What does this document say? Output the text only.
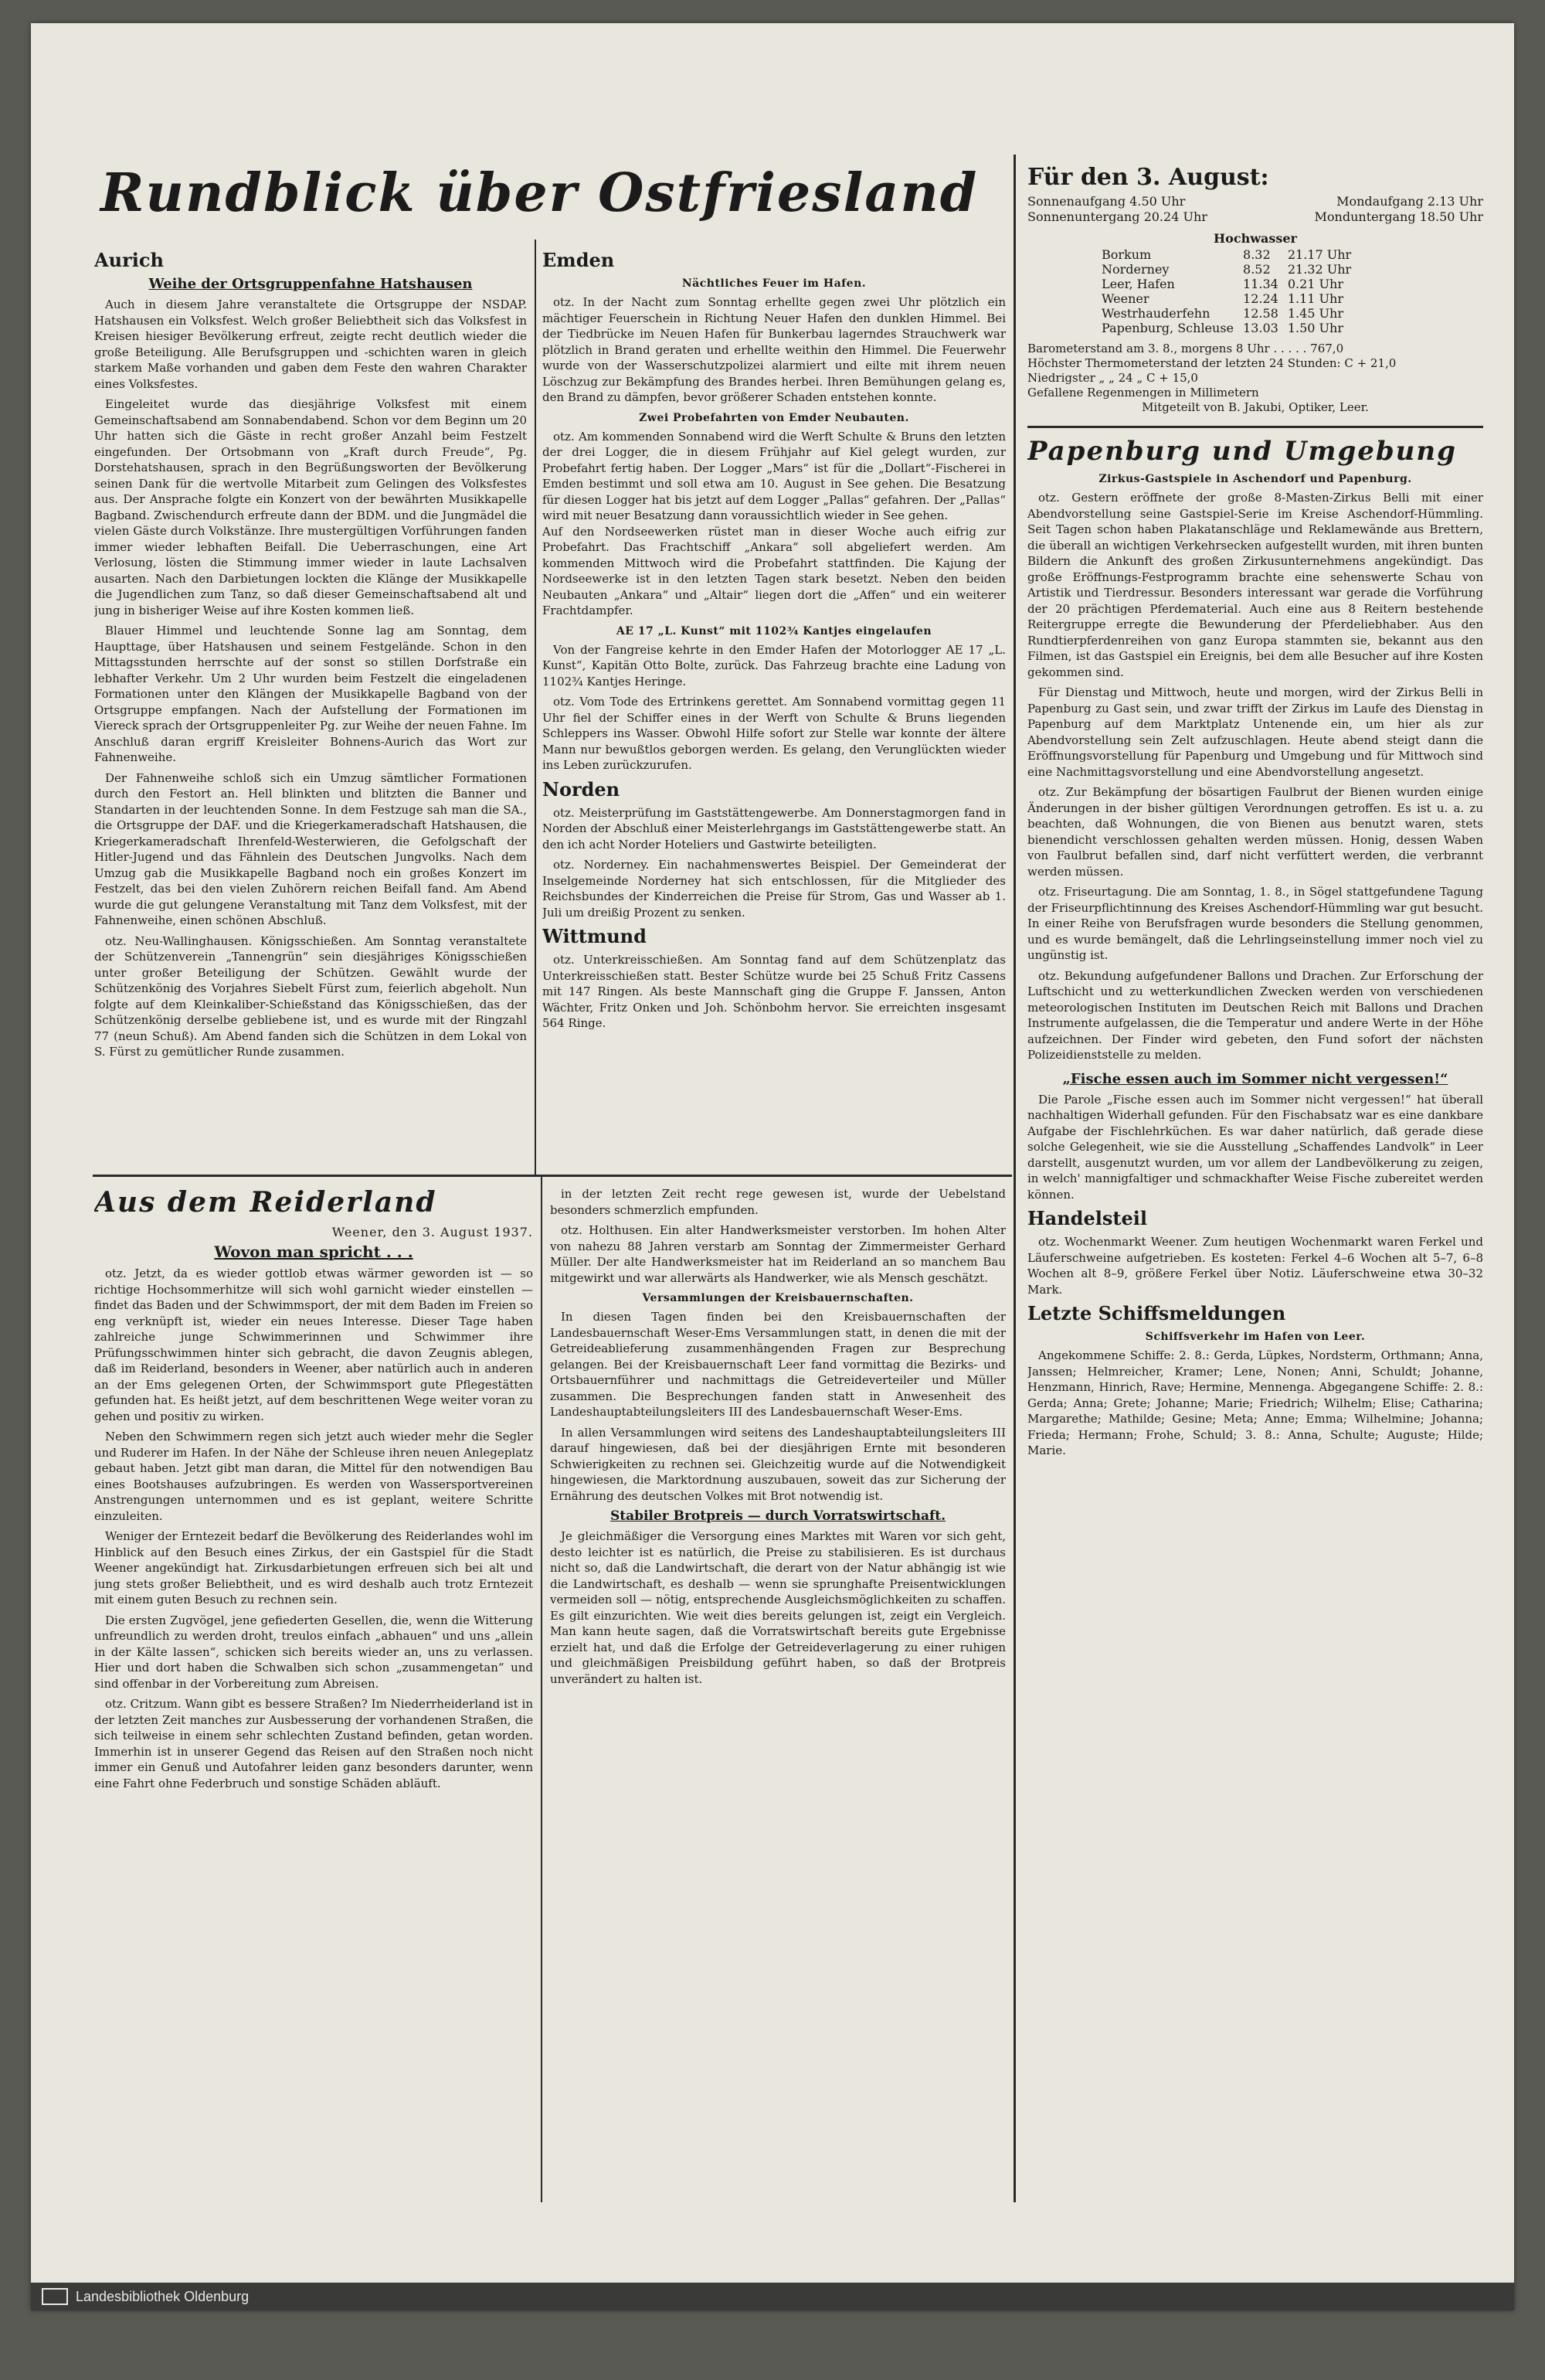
Rundblick über Ostfriesland
Aurich
Weihe der Ortsgruppenfahne Hatshausen

Auch in diesem Jahre veranstaltete die Ortsgruppe der NSDAP. Hatshausen ein Volksfest. Welch großer Beliebtheit sich das Volksfest in Kreisen hiesiger Bevölkerung erfreut, zeigte recht deutlich wieder die große Beteiligung. Alle Berufsgruppen und -schichten waren in gleich starkem Maße vorhanden und gaben dem Feste den wahren Charakter eines Volksfestes.

Eingeleitet wurde das diesjährige Volksfest mit einem Gemeinschaftsabend am Sonnabendabend. Schon vor dem Beginn um 20 Uhr hatten sich die Gäste in recht großer Anzahl beim Festzelt eingefunden. Der Ortsobmann von „Kraft durch Freude“, Pg. Dorstehatshausen, sprach in den Begrüßungsworten der Bevölkerung seinen Dank für die wertvolle Mitarbeit zum Gelingen des Volksfestes aus. Der Ansprache folgte ein Konzert von der bewährten Musikkapelle Bagband. Zwischendurch erfreute dann der BDM. und die Jungmädel die vielen Gäste durch Volkstänze. Ihre mustergültigen Vorführungen fanden immer wieder lebhaften Beifall. Die Ueberraschungen, eine Art Verlosung, lösten die Stimmung immer wieder in laute Lachsalven ausarten. Nach den Darbietungen lockten die Klänge der Musikkapelle die Jugendlichen zum Tanz, so daß dieser Gemeinschaftsabend alt und jung in bisheriger Weise auf ihre Kosten kommen ließ.

Blauer Himmel und leuchtende Sonne lag am Sonntag, dem Haupttage, über Hatshausen und seinem Festgelände. Schon in den Mittagsstunden herrschte auf der sonst so stillen Dorfstraße ein lebhafter Verkehr. Um 2 Uhr wurden beim Festzelt die eingeladenen Formationen unter den Klängen der Musikkapelle Bagband von der Ortsgruppe empfangen. Nach der Aufstellung der Formationen im Viereck sprach der Ortsgruppenleiter Pg. zur Weihe der neuen Fahne. Im Anschluß daran ergriff Kreisleiter Bohnens-Aurich das Wort zur Fahnenweihe.

Der Fahnenweihe schloß sich ein Umzug sämtlicher Formationen durch den Festort an. Hell blinkten und blitzten die Banner und Standarten in der leuchtenden Sonne. In dem Festzuge sah man die SA., die Ortsgruppe der DAF. und die Kriegerkameradschaft Hatshausen, die Kriegerkameradschaft Ihrenfeld-Westerwieren, die Gefolgschaft der Hitler-Jugend und das Fähnlein des Deutschen Jungvolks. Nach dem Umzug gab die Musikkapelle Bagband noch ein großes Konzert im Festzelt, das bei den vielen Zuhörern reichen Beifall fand. Am Abend wurde die gut gelungene Veranstaltung mit Tanz dem Volksfest, mit der Fahnenweihe, einen schönen Abschluß.

otz. Neu-Wallinghausen. Königsschießen. Am Sonntag veranstaltete der Schützenverein „Tannengrün“ sein diesjähriges Königsschießen unter großer Beteiligung der Schützen. Gewählt wurde der Schützenkönig des Vorjahres Siebelt Fürst zum, feierlich abgeholt. Nun folgte auf dem Kleinkaliber-Schießstand das Königsschießen, das der Schützenkönig derselbe gebliebene ist, und es wurde mit der Ringzahl 77 (neun Schuß). Am Abend fanden sich die Schützen in dem Lokal von S. Fürst zu gemütlicher Runde zusammen.

Emden
Nächtliches Feuer im Hafen.

otz. In der Nacht zum Sonntag erhellte gegen zwei Uhr plötzlich ein mächtiger Feuerschein in Richtung Neuer Hafen den dunklen Himmel. Bei der Tiedbrücke im Neuen Hafen für Bunkerbau lagerndes Strauchwerk war plötzlich in Brand geraten und erhellte weithin den Himmel. Die Feuerwehr wurde von der Wasserschutzpolizei alarmiert und eilte mit ihrem neuen Löschzug zur Bekämpfung des Brandes herbei. Ihren Bemühungen gelang es, den Brand zu dämpfen, bevor größerer Schaden entstehen konnte.

Zwei Probefahrten von Emder Neubauten.

otz. Am kommenden Sonnabend wird die Werft Schulte & Bruns den letzten der drei Logger, die in diesem Frühjahr auf Kiel gelegt wurden, zur Probefahrt fertig haben. Der Logger „Mars“ ist für die „Dollart“-Fischerei in Emden bestimmt und soll etwa am 10. August in See gehen. Die Besatzung für diesen Logger hat bis jetzt auf dem Logger „Pallas“ gefahren. Der „Pallas“ wird mit neuer Besatzung dann voraussichtlich wieder in See gehen.
Auf den Nordseewerken rüstet man in dieser Woche auch eifrig zur Probefahrt. Das Frachtschiff „Ankara“ soll abgeliefert werden. Am kommenden Mittwoch wird die Probefahrt stattfinden. Die Kajung der Nordseewerke ist in den letzten Tagen stark besetzt. Neben den beiden Neubauten „Ankara“ und „Altair“ liegen dort die „Affen“ und ein weiterer Frachtdampfer.

AE 17 „L. Kunst“ mit 1102¾ Kantjes eingelaufen

Von der Fangreise kehrte in den Emder Hafen der Motorlogger AE 17 „L. Kunst“, Kapitän Otto Bolte, zurück. Das Fahrzeug brachte eine Ladung von 1102¾ Kantjes Heringe.

otz. Vom Tode des Ertrinkens gerettet. Am Sonnabend vormittag gegen 11 Uhr fiel der Schiffer eines in der Werft von Schulte & Bruns liegenden Schleppers ins Wasser. Obwohl Hilfe sofort zur Stelle war konnte der ältere Mann nur bewußtlos geborgen werden. Es gelang, den Verunglückten wieder ins Leben zurückzurufen.

Norden

otz. Meisterprüfung im Gaststättengewerbe. Am Donnerstagmorgen fand in Norden der Abschluß einer Meisterlehrgangs im Gaststättengewerbe statt. An den ich acht Norder Hoteliers und Gastwirte beteiligten.

otz. Norderney. Ein nachahmenswertes Beispiel. Der Gemeinderat der Inselgemeinde Norderney hat sich entschlossen, für die Mitglieder des Reichsbundes der Kinderreichen die Preise für Strom, Gas und Wasser ab 1. Juli um dreißig Prozent zu senken.

Wittmund

otz. Unterkreisschießen. Am Sonntag fand auf dem Schützenplatz das Unterkreisschießen statt. Bester Schütze wurde bei 25 Schuß Fritz Cassens mit 147 Ringen. Als beste Mannschaft ging die Gruppe F. Janssen, Anton Wächter, Fritz Onken und Joh. Schönbohm hervor. Sie erreichten insgesamt 564 Ringe.

Für den 3. August:
Sonnenaufgang 4.50 Uhr	Mondaufgang 2.13 Uhr
Sonnenuntergang 20.24 Uhr	Monduntergang 18.50 Uhr
Hochwasser
Borkum	8.32	21.17 Uhr
Norderney	8.52	21.32 Uhr
Leer, Hafen	11.34	0.21 Uhr
Weener	12.24	1.11 Uhr
Westrhauderfehn	12.58	1.45 Uhr
Papenburg, Schleuse	13.03	1.50 Uhr
Barometerstand am 3. 8., morgens 8 Uhr . . . . . 767,0
Höchster Thermometerstand der letzten 24 Stunden: C + 21,0
Niedrigster „ „ 24 „ C + 15,0
Gefallene Regenmengen in Millimetern
Mitgeteilt von B. Jakubi, Optiker, Leer.
Papenburg und Umgebung
Zirkus-Gastspiele in Aschendorf und Papenburg.

otz. Gestern eröffnete der große 8-Masten-Zirkus Belli mit einer Abendvorstellung seine Gastspiel-Serie im Kreise Aschendorf-Hümmling. Seit Tagen schon haben Plakatanschläge und Reklamewände aus Brettern, die überall an wichtigen Verkehrsecken aufgestellt wurden, mit ihren bunten Bildern die Ankunft des großen Zirkusunternehmens angekündigt. Das große Eröffnungs-Festprogramm brachte eine sehenswerte Schau von Artistik und Tierdressur. Besonders interessant war gerade die Vorführung der 20 prächtigen Pferdematerial. Auch eine aus 8 Reitern bestehende Reitergruppe erregte die Bewunderung der Pferdeliebhaber. Aus den Rundtierpferdenreihen von ganz Europa stammten sie, bekannt aus den Filmen, ist das Gastspiel ein Ereignis, bei dem alle Besucher auf ihre Kosten gekommen sind.

Für Dienstag und Mittwoch, heute und morgen, wird der Zirkus Belli in Papenburg zu Gast sein, und zwar trifft der Zirkus im Laufe des Dienstag in Papenburg auf dem Marktplatz Untenende ein, um hier als zur Abendvorstellung sein Zelt aufzuschlagen. Heute abend steigt dann die Eröffnungsvorstellung für Papenburg und Umgebung und für Mittwoch sind eine Nachmittagsvorstellung und eine Abendvorstellung angesetzt.

otz. Zur Bekämpfung der bösartigen Faulbrut der Bienen wurden einige Änderungen in der bisher gültigen Verordnungen getroffen. Es ist u. a. zu beachten, daß Wohnungen, die von Bienen aus benutzt waren, stets bienendicht verschlossen gehalten werden müssen. Honig, dessen Waben von Faulbrut befallen sind, darf nicht verfüttert werden, die verbrannt werden müssen.

otz. Friseurtagung. Die am Sonntag, 1. 8., in Sögel stattgefundene Tagung der Friseurpflichtinnung des Kreises Aschendorf-Hümmling war gut besucht. In einer Reihe von Berufsfragen wurde besonders die Stellung genommen, und es wurde bemängelt, daß die Lehrlingseinstellung immer noch viel zu ungünstig ist.

otz. Bekundung aufgefundener Ballons und Drachen. Zur Erforschung der Luftschicht und zu wetterkundlichen Zwecken werden von verschiedenen meteorologischen Instituten im Deutschen Reich mit Ballons und Drachen Instrumente aufgelassen, die die Temperatur und andere Werte in der Höhe aufzeichnen. Der Finder wird gebeten, den Fund sofort der nächsten Polizeidienststelle zu melden.

„Fische essen auch im Sommer nicht vergessen!“

Die Parole „Fische essen auch im Sommer nicht vergessen!“ hat überall nachhaltigen Widerhall gefunden. Für den Fischabsatz war es eine dankbare Aufgabe der Fischlehrküchen. Es war daher natürlich, daß gerade diese solche Gelegenheit, wie sie die Ausstellung „Schaffendes Landvolk“ in Leer darstellt, ausgenutzt wurden, um vor allem der Landbevölkerung zu zeigen, in welch' mannigfaltiger und schmackhafter Weise Fische zubereitet werden können.

Handelsteil

otz. Wochenmarkt Weener. Zum heutigen Wochenmarkt waren Ferkel und Läuferschweine aufgetrieben. Es kosteten: Ferkel 4–6 Wochen alt 5–7, 6–8 Wochen alt 8–9, größere Ferkel über Notiz. Läuferschweine etwa 30–32 Mark.

Letzte Schiffsmeldungen
Schiffsverkehr im Hafen von Leer.

Angekommene Schiffe: 2. 8.: Gerda, Lüpkes, Nordsterm, Orthmann; Anna, Janssen; Helmreicher, Kramer; Lene, Nonen; Anni, Schuldt; Johanne, Henzmann, Hinrich, Rave; Hermine, Mennenga. Abgegangene Schiffe: 2. 8.: Gerda; Anna; Grete; Johanne; Marie; Friedrich; Wilhelm; Elise; Catharina; Margarethe; Mathilde; Gesine; Meta; Anne; Emma; Wilhelmine; Johanna; Frieda; Hermann; Frohe, Schuld; 3. 8.: Anna, Schulte; Auguste; Hilde; Marie.

Aus dem Reiderland
Weener, den 3. August 1937.
Wovon man spricht . . .

otz. Jetzt, da es wieder gottlob etwas wärmer geworden ist — so richtige Hochsommerhitze will sich wohl garnicht wieder einstellen — findet das Baden und der Schwimmsport, der mit dem Baden im Freien so eng verknüpft ist, wieder ein neues Interesse. Dieser Tage haben zahlreiche junge Schwimmerinnen und Schwimmer ihre Prüfungsschwimmen hinter sich gebracht, die davon Zeugnis ablegen, daß im Reiderland, besonders in Weener, aber natürlich auch in anderen an der Ems gelegenen Orten, der Schwimmsport gute Pflegestätten gefunden hat. Es heißt jetzt, auf dem beschrittenen Wege weiter voran zu gehen und positiv zu wirken.

Neben den Schwimmern regen sich jetzt auch wieder mehr die Segler und Ruderer im Hafen. In der Nähe der Schleuse ihren neuen Anlegeplatz gebaut haben. Jetzt gibt man daran, die Mittel für den notwendigen Bau eines Bootshauses aufzubringen. Es werden von Wassersportvereinen Anstrengungen unternommen und es ist geplant, weitere Schritte einzuleiten.

Weniger der Erntezeit bedarf die Bevölkerung des Reiderlandes wohl im Hinblick auf den Besuch eines Zirkus, der ein Gastspiel für die Stadt Weener angekündigt hat. Zirkusdarbietungen erfreuen sich bei alt und jung stets großer Beliebtheit, und es wird deshalb auch trotz Erntezeit mit einem guten Besuch zu rechnen sein.

Die ersten Zugvögel, jene gefiederten Gesellen, die, wenn die Witterung unfreundlich zu werden droht, treulos einfach „abhauen“ und uns „allein in der Kälte lassen“, schicken sich bereits wieder an, uns zu verlassen. Hier und dort haben die Schwalben sich schon „zusammengetan“ und sind offenbar in der Vorbereitung zum Abreisen.

otz. Critzum. Wann gibt es bessere Straßen? Im Niederrheiderland ist in der letzten Zeit manches zur Ausbesserung der vorhandenen Straßen, die sich teilweise in einem sehr schlechten Zustand befinden, getan worden. Immerhin ist in unserer Gegend das Reisen auf den Straßen noch nicht immer ein Genuß und Autofahrer leiden ganz besonders darunter, wenn eine Fahrt ohne Federbruch und sonstige Schäden abläuft.

in der letzten Zeit recht rege gewesen ist, wurde der Uebelstand besonders schmerzlich empfunden.

otz. Holthusen. Ein alter Handwerksmeister verstorben. Im hohen Alter von nahezu 88 Jahren verstarb am Sonntag der Zimmermeister Gerhard Müller. Der alte Handwerksmeister hat im Reiderland an so manchem Bau mitgewirkt und war allerwärts als Handwerker, wie als Mensch geschätzt.

Versammlungen der Kreisbauernschaften.

In diesen Tagen finden bei den Kreisbauernschaften der Landesbauernschaft Weser-Ems Versammlungen statt, in denen die mit der Getreideablieferung zusammenhängenden Fragen zur Besprechung gelangen. Bei der Kreisbauernschaft Leer fand vormittag die Bezirks- und Ortsbauernführer und nachmittags die Getreideverteiler und Müller zusammen. Die Besprechungen fanden statt in Anwesenheit des Landeshauptabteilungsleiters III des Landesbauernschaft Weser-Ems.

In allen Versammlungen wird seitens des Landeshauptabteilungsleiters III darauf hingewiesen, daß bei der diesjährigen Ernte mit besonderen Schwierigkeiten zu rechnen sei. Gleichzeitig wurde auf die Notwendigkeit hingewiesen, die Marktordnung auszubauen, soweit das zur Sicherung der Ernährung des deutschen Volkes mit Brot notwendig ist.

Stabiler Brotpreis — durch Vorratswirtschaft.

Je gleichmäßiger die Versorgung eines Marktes mit Waren vor sich geht, desto leichter ist es natürlich, die Preise zu stabilisieren. Es ist durchaus nicht so, daß die Landwirtschaft, die derart von der Natur abhängig ist wie die Landwirtschaft, es deshalb — wenn sie sprunghafte Preisentwicklungen vermeiden soll — nötig, entsprechende Ausgleichsmöglichkeiten zu schaffen. Es gilt einzurichten. Wie weit dies bereits gelungen ist, zeigt ein Vergleich. Man kann heute sagen, daß die Vorratswirtschaft bereits gute Ergebnisse erzielt hat, und daß die Erfolge der Getreideverlagerung zu einer ruhigen und gleichmäßigen Preisbildung geführt haben, so daß der Brotpreis unverändert zu halten ist.

Landesbibliothek Oldenburg
